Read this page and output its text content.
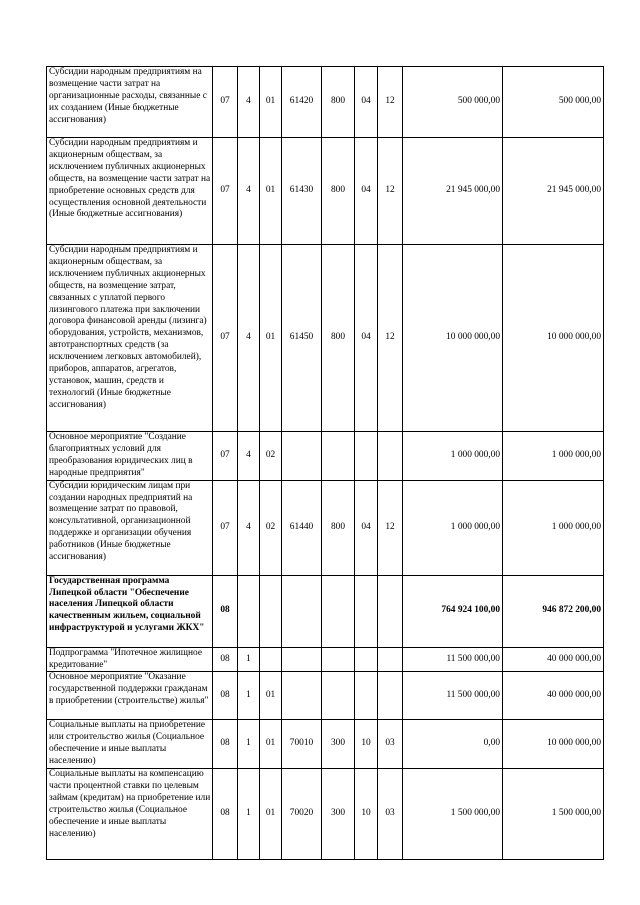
Субсидии народным предприятиям на возмещение части затрат на организационные расходы, связанные с их созданием (Иные бюджетные ассигнования)	07	4	01	61420	800	04	12	500 000,00	500 000,00
Субсидии народным предприятиям и акционерным обществам, за исключением публичных акционерных обществ, на возмещение части затрат на приобретение основных средств для осуществления основной деятельности (Иные бюджетные ассигнования)	07	4	01	61430	800	04	12	21 945 000,00	21 945 000,00
Субсидии народным предприятиям и акционерным обществам, за исключением публичных акционерных обществ, на возмещение затрат, связанных с уплатой первого лизингового платежа при заключении договора финансовой аренды (лизинга) оборудования, устройств, механизмов, автотранспортных средств (за исключением легковых автомобилей), приборов, аппаратов, агрегатов, установок, машин, средств и технологий (Иные бюджетные ассигнования)	07	4	01	61450	800	04	12	10 000 000,00	10 000 000,00
Основное мероприятие "Создание благоприятных условий для преобразования юридических лиц в народные предприятия"	07	4	02					1 000 000,00	1 000 000,00
Субсидии юридическим лицам при создании народных предприятий на возмещение затрат по правовой, консультативной, организационной поддержке и организации обучения работников (Иные бюджетные ассигнования)	07	4	02	61440	800	04	12	1 000 000,00	1 000 000,00
Государственная программа Липецкой области "Обеспечение населения Липецкой области качественным жильем, социальной инфраструктурой и услугами ЖКХ"	08							764 924 100,00	946 872 200,00
Подпрограмма "Ипотечное жилищное кредитование"	08	1						11 500 000,00	40 000 000,00
Основное мероприятие "Оказание государственной поддержки гражданам в приобретении (строительстве) жилья"	08	1	01					11 500 000,00	40 000 000,00
Социальные выплаты на приобретение или строительство жилья (Социальное обеспечение и иные выплаты населению)	08	1	01	70010	300	10	03	0,00	10 000 000,00
Социальные выплаты на компенсацию части процентной ставки по целевым займам (кредитам) на приобретение или строительство жилья (Социальное обеспечение и иные выплаты населению)	08	1	01	70020	300	10	03	1 500 000,00	1 500 000,00
